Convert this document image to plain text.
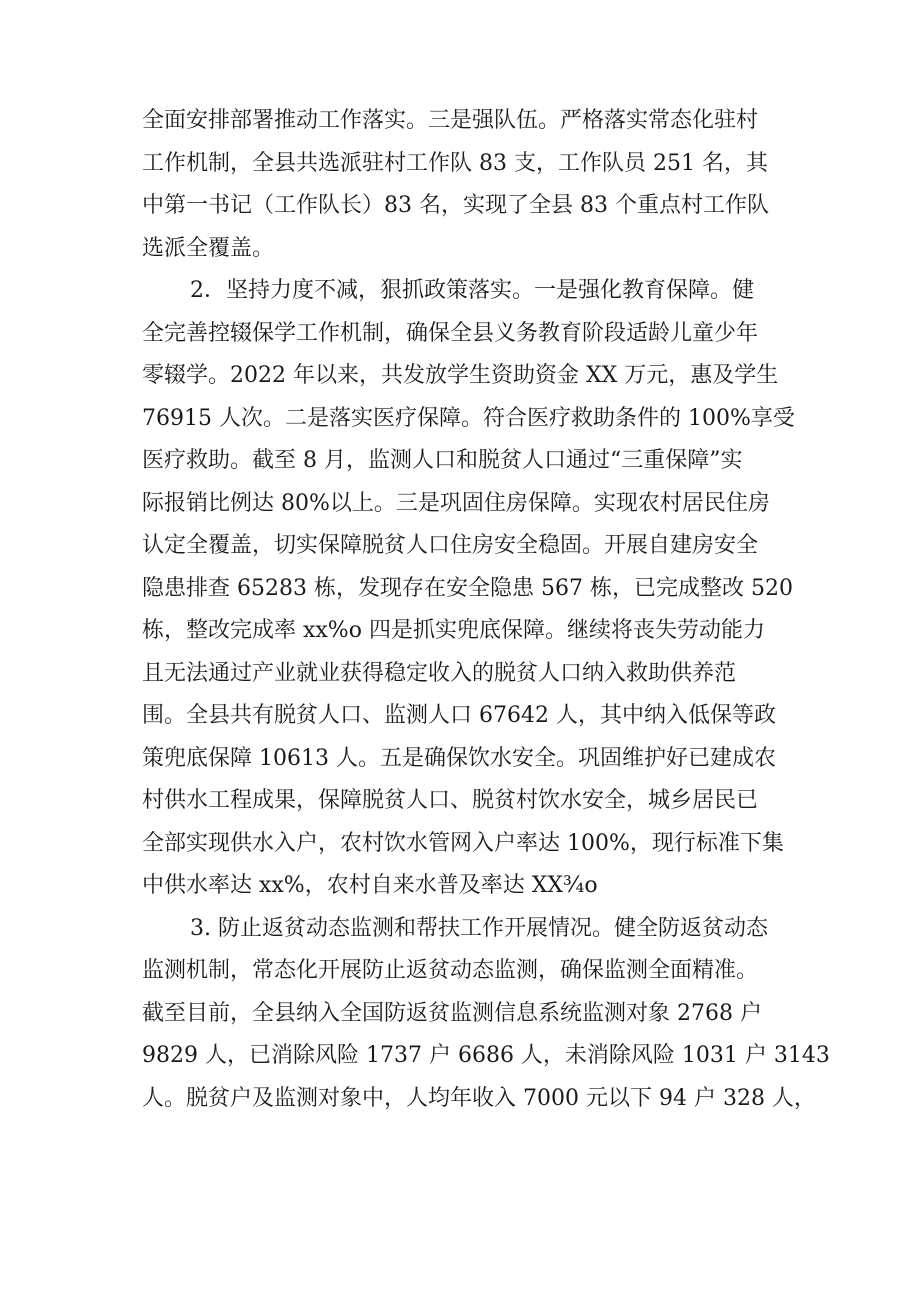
全面安排部署推动工作落实。三是强队伍。严格落实常态化驻村
工作机制，全县共选派驻村工作队 83 支，工作队员 251 名，其
中第一书记（工作队长）83 名，实现了全县 83 个重点村工作队
选派全覆盖。
2．坚持力度不减，狠抓政策落实。一是强化教育保障。健
全完善控辍保学工作机制，确保全县义务教育阶段适龄儿童少年
零辍学。2022 年以来，共发放学生资助资金 XX 万元，惠及学生
76915 人次。二是落实医疗保障。符合医疗救助条件的 100%享受
医疗救助。截至 8 月，监测人口和脱贫人口通过“三重保障”实
际报销比例达 80%以上。三是巩固住房保障。实现农村居民住房
认定全覆盖，切实保障脱贫人口住房安全稳固。开展自建房安全
隐患排查 65283 栋，发现存在安全隐患 567 栋，已完成整改 520
栋，整改完成率 xx%o 四是抓实兜底保障。继续将丧失劳动能力
且无法通过产业就业获得稳定收入的脱贫人口纳入救助供养范
围。全县共有脱贫人口、监测人口 67642 人，其中纳入低保等政
策兜底保障 10613 人。五是确保饮水安全。巩固维护好已建成农
村供水工程成果，保障脱贫人口、脱贫村饮水安全，城乡居民已
全部实现供水入户，农村饮水管网入户率达 100%，现行标准下集
中供水率达 xx%，农村自来水普及率达 XX¾o
3. 防止返贫动态监测和帮扶工作开展情况。健全防返贫动态
监测机制，常态化开展防止返贫动态监测，确保监测全面精准。
截至目前，全县纳入全国防返贫监测信息系统监测对象 2768 户
9829 人，已消除风险 1737 户 6686 人，未消除风险 1031 户 3143
人。脱贫户及监测对象中，人均年收入 7000 元以下 94 户 328 人，
